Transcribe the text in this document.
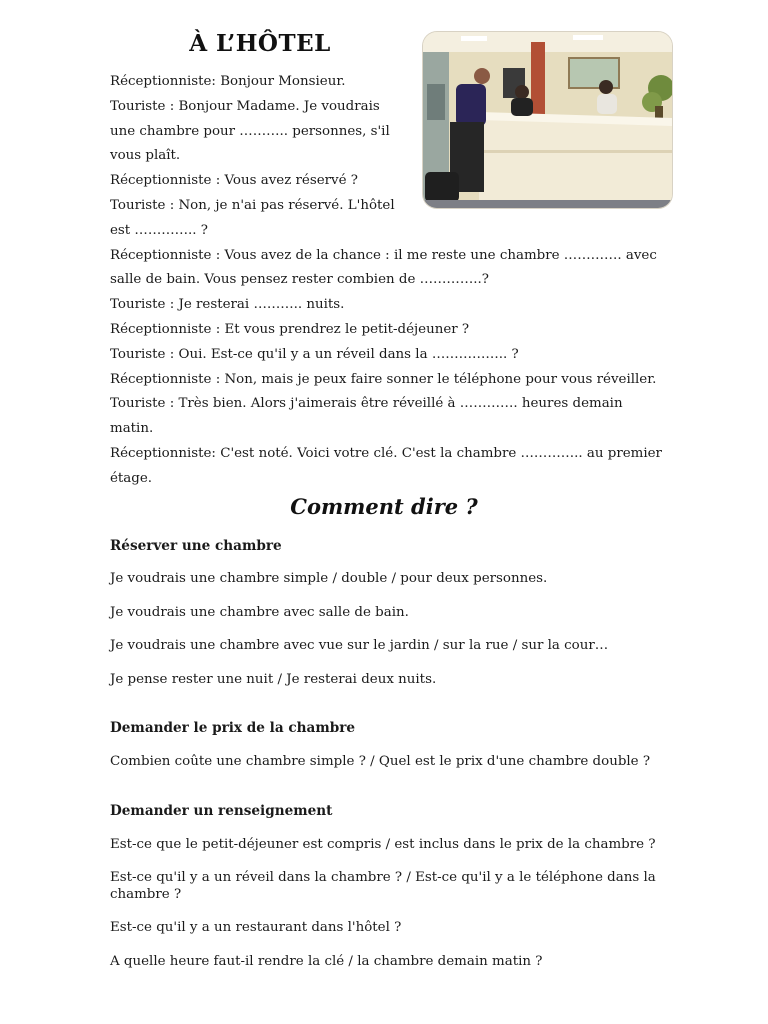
À L’HÔTEL
Réceptionniste: Bonjour Monsieur.
Touriste : Bonjour Madame. Je voudrais
une chambre pour ……….. personnes, s'il
vous plaît.
Réceptionniste : Vous avez réservé ?
Touriste : Non, je n'ai pas réservé. L'hôtel
est ………….. ?
Réceptionniste : Vous avez de la chance : il me reste une chambre …………. avec
salle de bain. Vous pensez rester combien de …………..?
Touriste : Je resterai ……….. nuits.
Réceptionniste : Et vous prendrez le petit-déjeuner ?
Touriste : Oui. Est-ce qu'il y a un réveil dans la …………….. ?
Réceptionniste : Non, mais je peux faire sonner le téléphone pour vous réveiller.
Touriste : Très bien. Alors j'aimerais être réveillé à …………. heures demain
matin.
Réceptionniste: C'est noté. Voici votre clé. C'est la chambre ………….. au premier
étage.
Comment dire ?

Réserver une chambre

Je voudrais une chambre simple / double / pour deux personnes.

Je voudrais une chambre avec salle de bain.

Je voudrais une chambre avec vue sur le jardin / sur la rue / sur la cour…

Je pense rester une nuit / Je resterai deux nuits.

Demander le prix de la chambre

Combien coûte une chambre simple ? / Quel est le prix d'une chambre double ?

Demander un renseignement

Est-ce que le petit-déjeuner est compris / est inclus dans le prix de la chambre ?

Est-ce qu'il y a un réveil dans la chambre ? / Est-ce qu'il y a le téléphone dans la chambre ?

Est-ce qu'il y a un restaurant dans l'hôtel ?

A quelle heure faut-il rendre la clé / la chambre demain matin ?
